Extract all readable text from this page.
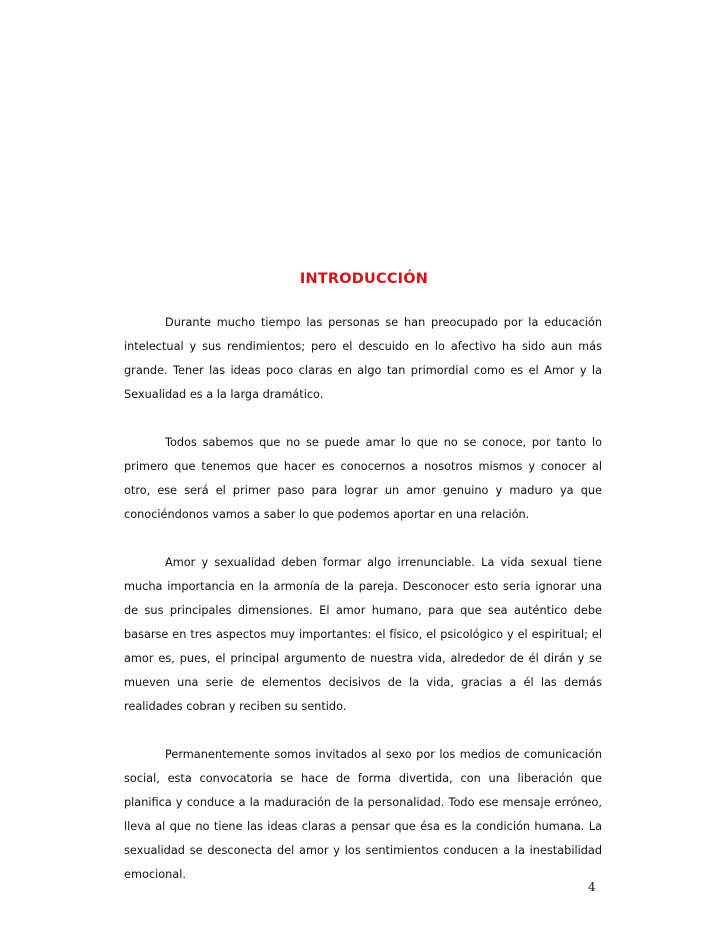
INTRODUCCIÓN

Durante mucho tiempo las personas se han preocupado por la educación intelectual y sus rendimientos; pero el descuido en lo afectivo ha sido aun más grande. Tener las ideas poco claras en algo tan primordial como es el Amor y la Sexualidad es a la larga dramático.

Todos sabemos que no se puede amar lo que no se conoce, por tanto lo primero que tenemos que hacer es conocernos a nosotros mismos y conocer al otro, ese será el primer paso para lograr un amor genuino y maduro ya que conociéndonos vamos a saber lo que podemos aportar en una relación.

Amor y sexualidad deben formar algo irrenunciable. La vida sexual tiene mucha importancia en la armonía de la pareja. Desconocer esto seria ignorar una de sus principales dimensiones. El amor humano, para que sea auténtico debe basarse en tres aspectos muy importantes: el físico, el psicológico y el espiritual; el amor es, pues, el principal argumento de nuestra vida, alrededor de él dirán y se mueven una serie de elementos decisivos de la vida, gracias a él las demás realidades cobran y reciben su sentido.

Permanentemente somos invitados al sexo por los medios de comunicación social, esta convocatoria se hace de forma divertida, con una liberación que planifica y conduce a la maduración de la personalidad. Todo ese mensaje erróneo, lleva al que no tiene las ideas claras a pensar que ésa es la condición humana. La sexualidad se desconecta del amor y los sentimientos conducen a la inestabilidad emocional.

4
